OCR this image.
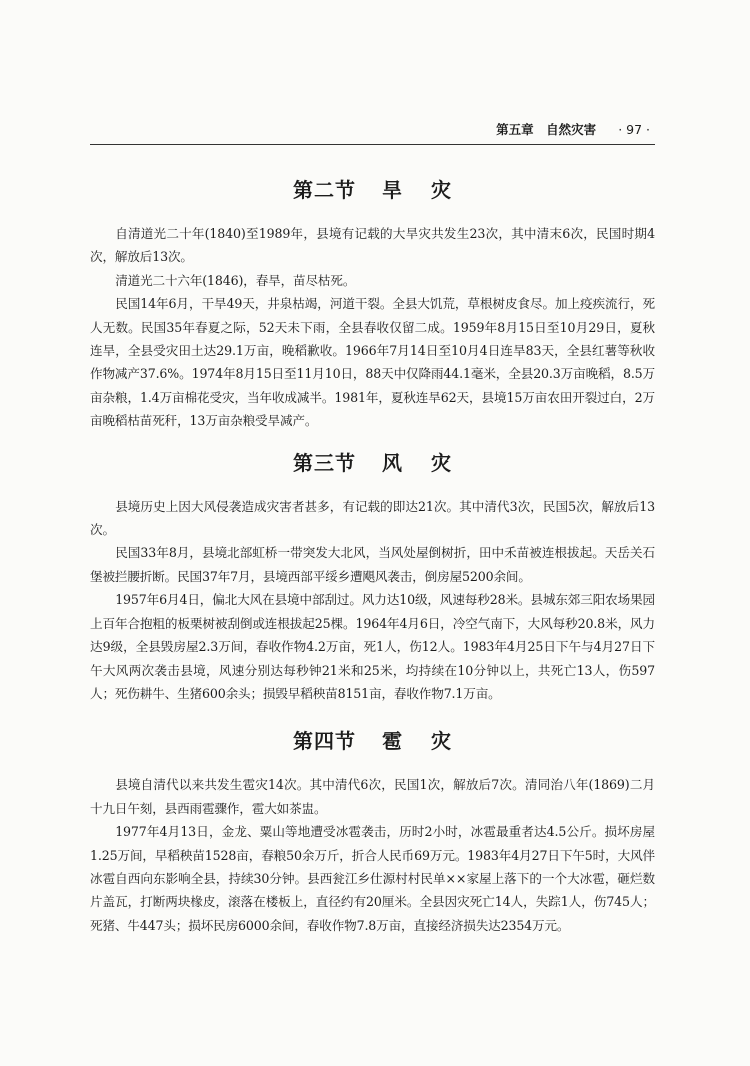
第五章　自然灾害 · 97 ·
第二节 旱 灾

自清道光二十年(1840)至1989年，县境有记载的大旱灾共发生23次，其中清末6次，民国时期4次，解放后13次。

清道光二十六年(1846)，春旱，苗尽枯死。

民国14年6月，干旱49天，井泉枯竭，河道干裂。全县大饥荒，草根树皮食尽。加上疫疾流行，死人无数。民国35年春夏之际，52天未下雨，全县春收仅留二成。1959年8月15日至10月29日，夏秋连旱，全县受灾田土达29.1万亩，晚稻歉收。1966年7月14日至10月4日连旱83天，全县红薯等秋收作物减产37.6%。1974年8月15日至11月10日，88天中仅降雨44.1毫米，全县20.3万亩晚稻，8.5万亩杂粮，1.4万亩棉花受灾，当年收成减半。1981年，夏秋连旱62天，县境15万亩农田开裂过白，2万亩晚稻枯苗死秆，13万亩杂粮受旱减产。

第三节 风 灾

县境历史上因大风侵袭造成灾害者甚多，有记载的即达21次。其中清代3次，民国5次，解放后13次。

民国33年8月，县境北部虹桥一带突发大北风，当风处屋倒树折，田中禾苗被连根拔起。天岳关石堡被拦腰折断。民国37年7月，县境西部平绥乡遭飓风袭击，倒房屋5200余间。

1957年6月4日，偏北大风在县境中部刮过。风力达10级，风速每秒28米。县城东郊三阳农场果园上百年合抱粗的板栗树被刮倒或连根拔起25棵。1964年4月6日，冷空气南下，大风每秒20.8米，风力达9级，全县毁房屋2.3万间，春收作物4.2万亩，死1人，伤12人。1983年4月25日下午与4月27日下午大风两次袭击县境，风速分别达每秒钟21米和25米，均持续在10分钟以上，共死亡13人，伤597人；死伤耕牛、生猪600余头；损毁早稻秧苗8151亩，春收作物7.1万亩。

第四节 雹 灾

县境自清代以来共发生雹灾14次。其中清代6次，民国1次，解放后7次。清同治八年(1869)二月十九日午刻，县西雨雹骤作，雹大如茶盅。

1977年4月13日，金龙、粟山等地遭受冰雹袭击，历时2小时，冰雹最重者达4.5公斤。损坏房屋1.25万间，早稻秧苗1528亩，春粮50余万斤，折合人民币69万元。1983年4月27日下午5时，大风伴冰雹自西向东影响全县，持续30分钟。县西瓮江乡仕源村村民单××家屋上落下的一个大冰雹，砸烂数片盖瓦，打断两块椽皮，滚落在楼板上，直径约有20厘米。全县因灾死亡14人，失踪1人，伤745人；死猪、牛447头；损坏民房6000余间，春收作物7.8万亩，直接经济损失达2354万元。
